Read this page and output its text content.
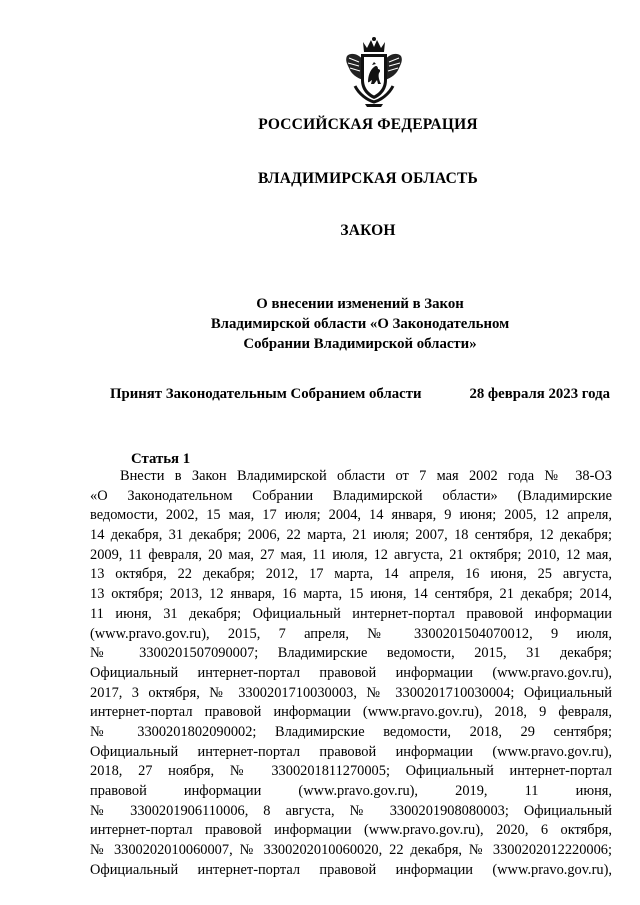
РОССИЙСКАЯ ФЕДЕРАЦИЯ
ВЛАДИМИРСКАЯ ОБЛАСТЬ
ЗАКОН
О внесении изменений в Закон
Владимирской области «О Законодательном
Собрании Владимирской области»
Принят Законодательным Собранием области	28 февраля 2023 года
Статья 1
Внести в Закон Владимирской области от 7 мая 2002 года № 38-ОЗ
«О Законодательном Собрании Владимирской области» (Владимирские
ведомости, 2002, 15 мая, 17 июля; 2004, 14 января, 9 июня; 2005, 12 апреля,
14 декабря, 31 декабря; 2006, 22 марта, 21 июля; 2007, 18 сентября, 12 декабря;
2009, 11 февраля, 20 мая, 27 мая, 11 июля, 12 августа, 21 октября; 2010, 12 мая,
13 октября, 22 декабря; 2012, 17 марта, 14 апреля, 16 июня, 25 августа,
13 октября; 2013, 12 января, 16 марта, 15 июня, 14 сентября, 21 декабря; 2014,
11 июня, 31 декабря; Официальный интернет-портал правовой информации
(www.pravo.gov.ru), 2015, 7 апреля, № 3300201504070012, 9 июля,
№ 3300201507090007; Владимирские ведомости, 2015, 31 декабря;
Официальный интернет-портал правовой информации (www.pravo.gov.ru),
2017, 3 октября, № 3300201710030003, № 3300201710030004; Официальный
интернет-портал правовой информации (www.pravo.gov.ru), 2018, 9 февраля,
№ 3300201802090002; Владимирские ведомости, 2018, 29 сентября;
Официальный интернет-портал правовой информации (www.pravo.gov.ru),
2018, 27 ноября, № 3300201811270005; Официальный интернет-портал
правовой информации (www.pravo.gov.ru), 2019, 11 июня,
№ 3300201906110006, 8 августа, № 3300201908080003; Официальный
интернет-портал правовой информации (www.pravo.gov.ru), 2020, 6 октября,
№ 3300202010060007, № 3300202010060020, 22 декабря, № 3300202012220006;
Официальный интернет-портал правовой информации (www.pravo.gov.ru),
